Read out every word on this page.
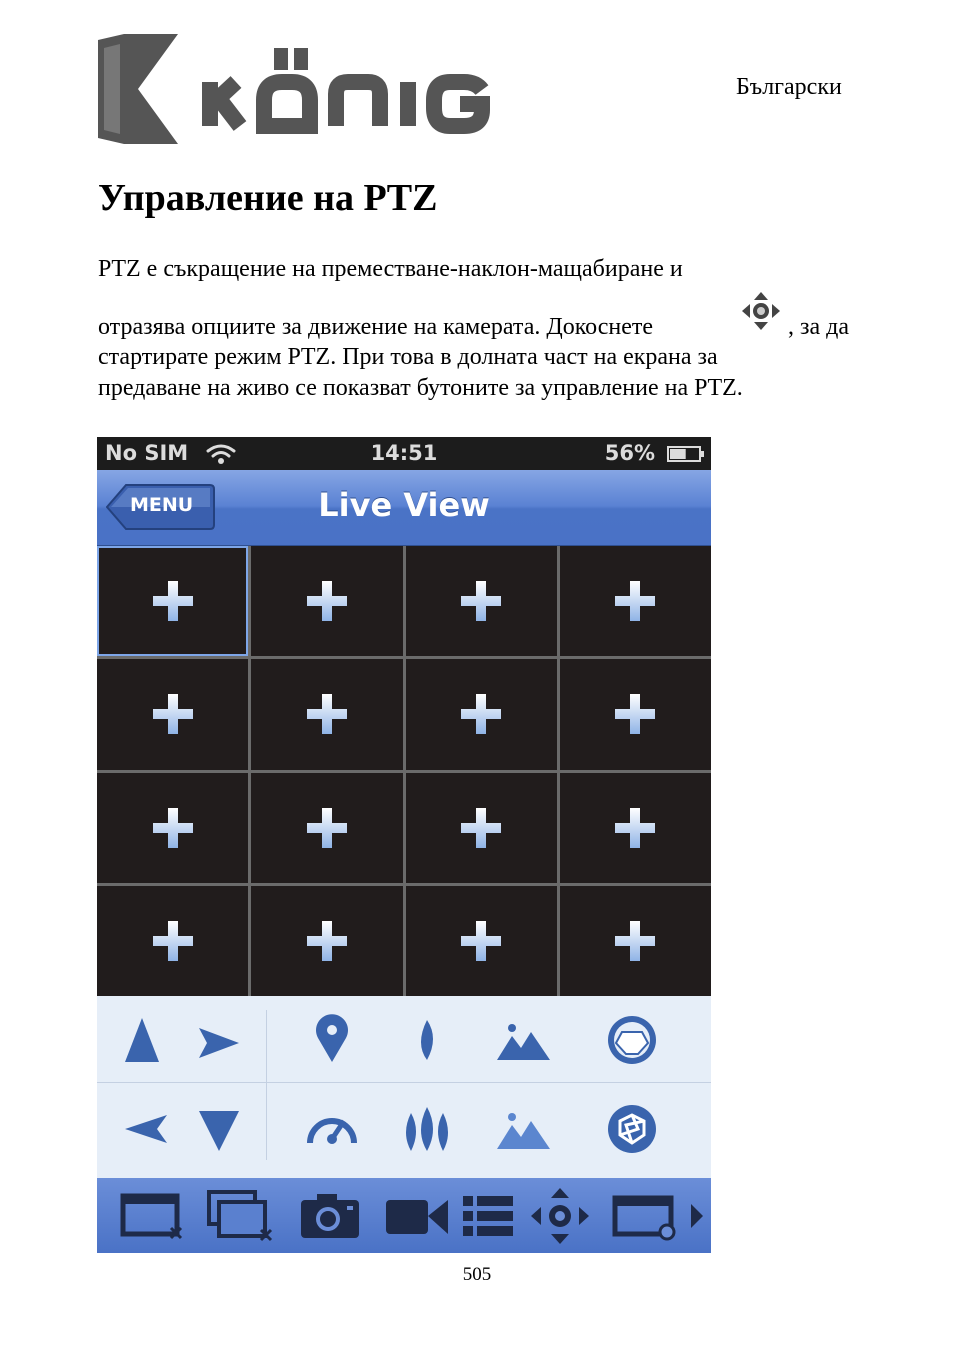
Български
Управление на PTZ
PTZ е съкращение на преместване-наклон-мащабиране и
отразява опциите за движение на камерата. Докоснете	, за да
стартирате режим PTZ. При това в долната част на екрана за
предаване на живо се показват бутоните за управление на PTZ.
No SIM	14:51	56%
MENU	Live View
505
